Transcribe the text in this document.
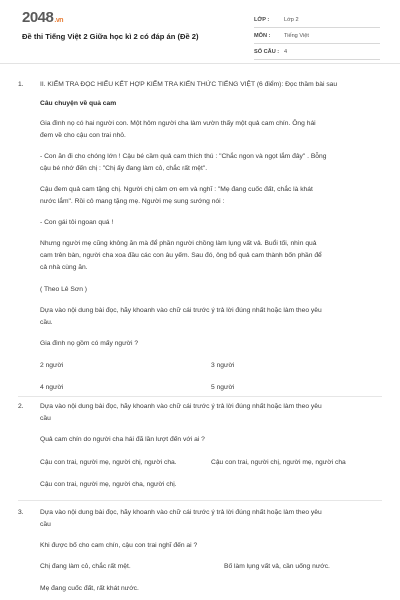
2048.vn
Đề thi Tiếng Việt 2 Giữa học kì 2 có đáp án (Đề 2)
LỚP :	Lớp 2
MÔN :	Tiếng Việt
SỐ CÂU : 4
1.	II. KIỂM TRA ĐỌC HIỂU KẾT HỢP KIỂM TRA KIẾN THỨC TIẾNG VIỆT (6 điểm): Đọc thầm bài sau
Câu chuyện về quả cam
Gia đình nọ có hai người con. Một hôm người cha làm vườn thấy một quả cam chín. Ông hái
đem về cho cậu con trai nhỏ.
- Con ăn đi cho chóng lớn ! Cậu bé cầm quả cam thích thú : "Chắc ngon và ngọt lắm đây" . Bỗng
cậu bé nhớ đến chị : "Chị ấy đang làm cỏ, chắc rất mệt".
Cậu đem quả cam tặng chị. Người chị cảm ơn em và nghĩ : "Mẹ đang cuốc đất, chắc là khát
nước lắm". Rồi cô mang tặng mẹ. Người mẹ sung sướng nói :
- Con gái tôi ngoan quá !
Nhưng người mẹ cũng không ăn mà để phần người chồng làm lụng vất vả. Buổi tối, nhìn quả
cam trên bàn, người cha xoa đầu các con âu yếm. Sau đó, ông bổ quả cam thành bốn phần để
cả nhà cùng ăn.
( Theo Lê Sơn )
Dựa vào nội dung bài đọc, hãy khoanh vào chữ cái trước ý trả lời đúng nhất hoặc làm theo yêu
cầu.
Gia đình nọ gồm có mấy người ?
2 người	3 người
4 người	5 người
2.	Dựa vào nội dung bài đọc, hãy khoanh vào chữ cái trước ý trả lời đúng nhất hoặc làm theo yêu
cầu
Quả cam chín do người cha hái đã lần lượt đến với ai ?
Cậu con trai, người mẹ, người chị, người cha.	Cậu con trai, người chị, người mẹ, người cha
Cậu con trai, người mẹ, người cha, người chị.
3.	Dựa vào nội dung bài đọc, hãy khoanh vào chữ cái trước ý trả lời đúng nhất hoặc làm theo yêu
cầu
Khi được bố cho cam chín, cậu con trai nghĩ đến ai ?
Chị đang làm cỏ, chắc rất mệt.	Bố làm lụng vất vả, cần uống nước.
Mẹ đang cuốc đất, rất khát nước.
